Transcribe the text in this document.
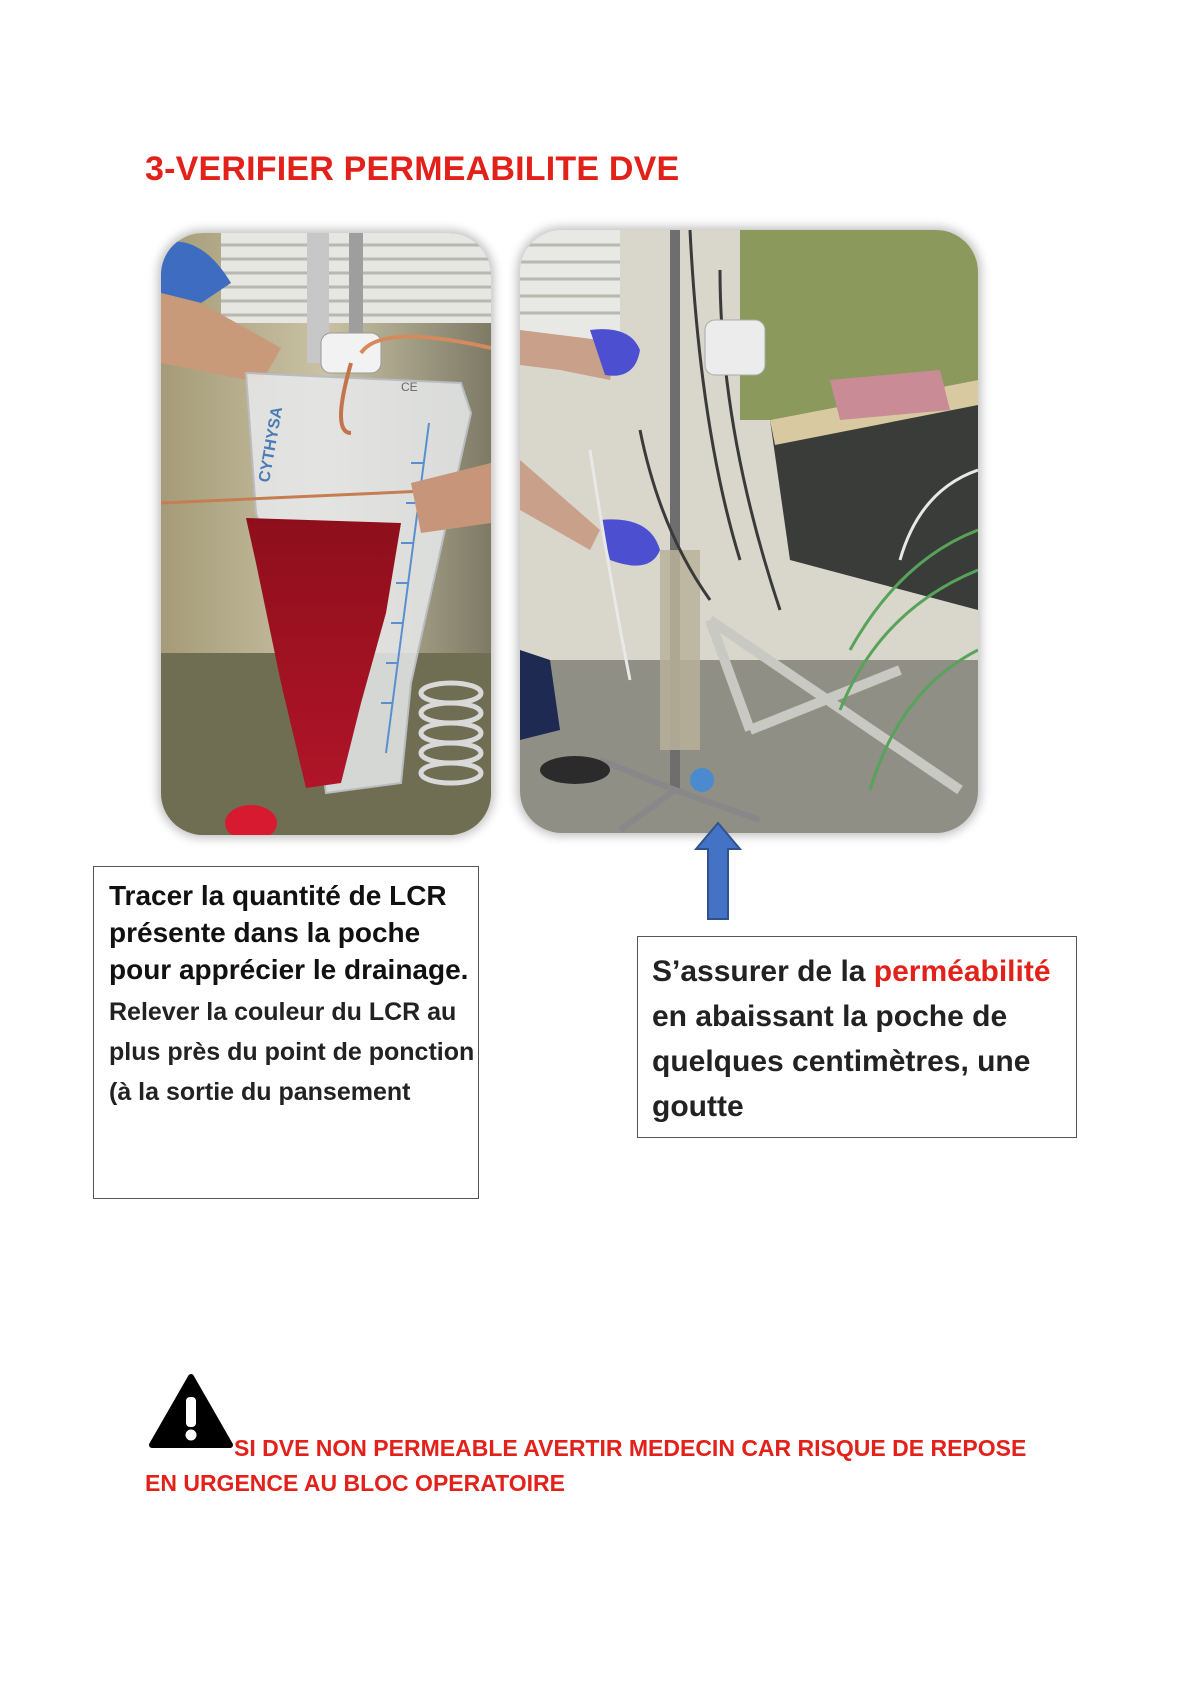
3-VERIFIER PERMEABILITE DVE
CYTHYSA
CE
Tracer la quantité de LCR présente dans la poche pour apprécier le drainage.
Relever la couleur du LCR au plus près du point de ponction (à la sortie du pansement
S’assurer de la perméabilité en abaissant la poche de quelques centimètres, une goutte
SI DVE NON PERMEABLE AVERTIR MEDECIN CAR RISQUE DE REPOSE
EN URGENCE AU BLOC OPERATOIRE
